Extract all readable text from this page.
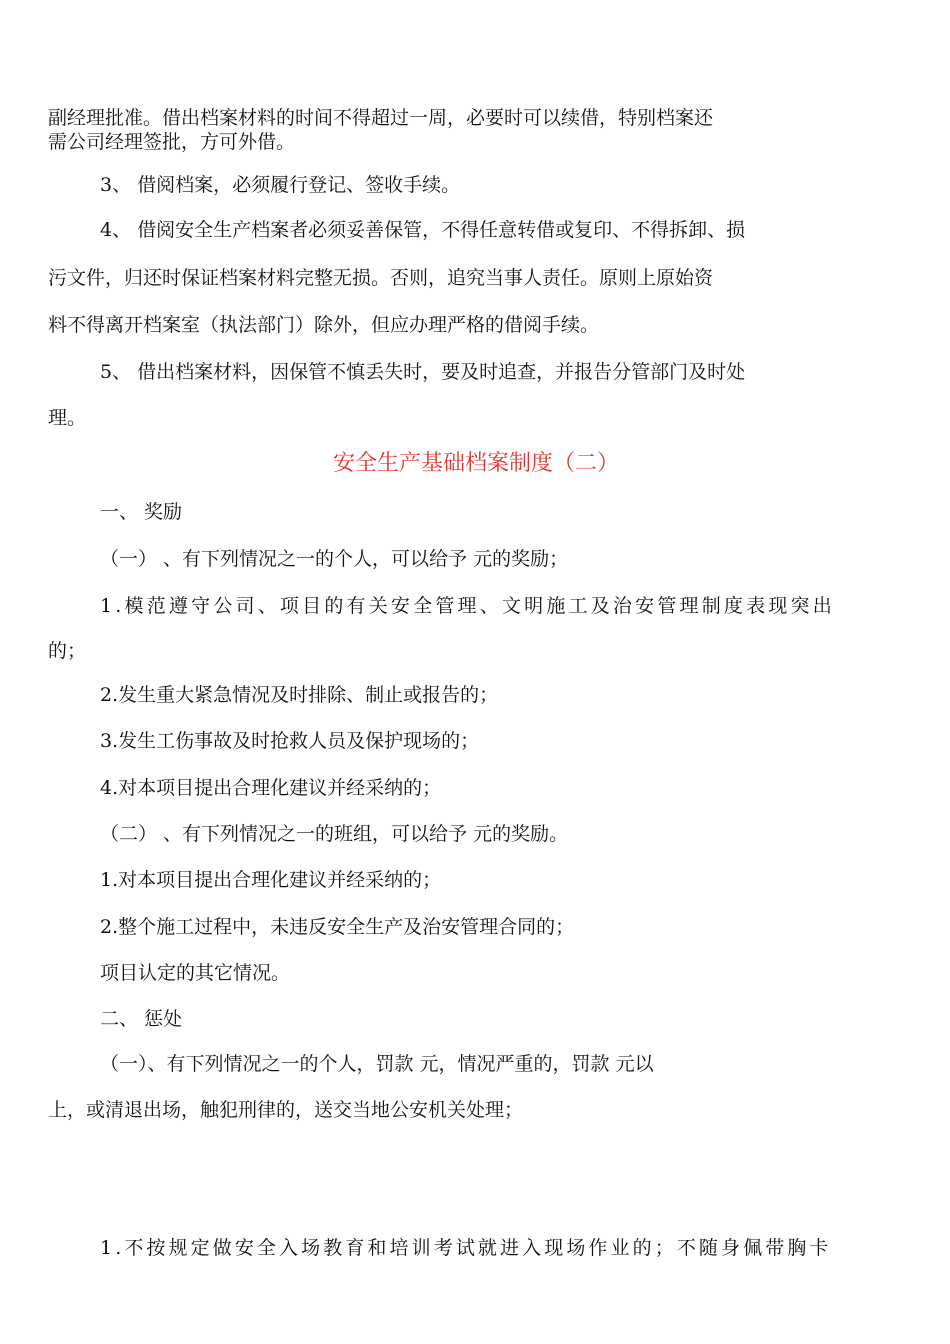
副经理批准。借出档案材料的时间不得超过一周，必要时可以续借，特别档案还

需公司经理签批，方可外借。

3、 借阅档案，必须履行登记、签收手续。

4、 借阅安全生产档案者必须妥善保管，不得任意转借或复印、不得拆卸、损

污文件，归还时保证档案材料完整无损。否则，追究当事人责任。原则上原始资

料不得离开档案室（执法部门）除外，但应办理严格的借阅手续。

5、 借出档案材料，因保管不慎丢失时，要及时追查，并报告分管部门及时处

理。

安全生产基础档案制度（二）

一、 奖励

（一） 、有下列情况之一的个人，可以给予 元的奖励；

1.模范遵守公司、项目的有关安全管理、文明施工及治安管理制度表现突出

的；

2.发生重大紧急情况及时排除、制止或报告的；

3.发生工伤事故及时抢救人员及保护现场的；

4.对本项目提出合理化建议并经采纳的；

（二） 、有下列情况之一的班组，可以给予 元的奖励。

1.对本项目提出合理化建议并经采纳的；

2.整个施工过程中，未违反安全生产及治安管理合同的；

项目认定的其它情况。

二、 惩处

（一）、有下列情况之一的个人，罚款 元，情况严重的，罚款 元以

上，或清退出场，触犯刑律的，送交当地公安机关处理；

1.不按规定做安全入场教育和培训考试就进入现场作业的；不随身佩带胸卡
